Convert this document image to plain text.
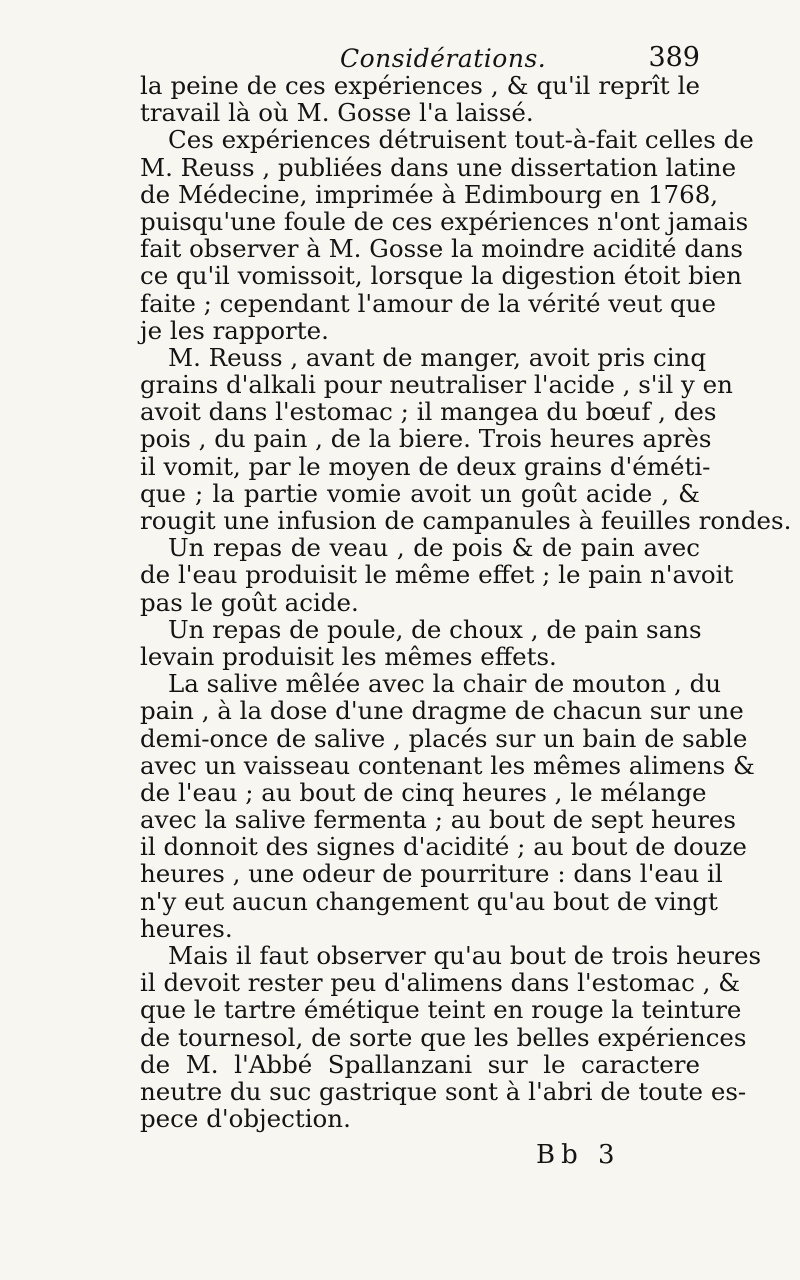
Considérations.	389
la peine de ces expériences , & qu'il reprît le
travail là où M. Gosse l'a laissé.
Ces expériences détruisent tout-à-fait celles de
M. Reuss , publiées dans une dissertation latine
de Médecine, imprimée à Edimbourg en 1768,
puisqu'une foule de ces expériences n'ont jamais
fait observer à M. Gosse la moindre acidité dans
ce qu'il vomissoit, lorsque la digestion étoit bien
faite ; cependant l'amour de la vérité veut que
je les rapporte.
M. Reuss , avant de manger, avoit pris cinq
grains d'alkali pour neutraliser l'acide , s'il y en
avoit dans l'estomac ; il mangea du bœuf , des
pois , du pain , de la biere. Trois heures après
il vomit, par le moyen de deux grains d'éméti-
que ; la partie vomie avoit un goût acide , &
rougit une infusion de campanules à feuilles rondes.
Un repas de veau , de pois & de pain avec
de l'eau produisit le même effet ; le pain n'avoit
pas le goût acide.
Un repas de poule, de choux , de pain sans
levain produisit les mêmes effets.
La salive mêlée avec la chair de mouton , du
pain , à la dose d'une dragme de chacun sur une
demi-once de salive , placés sur un bain de sable
avec un vaisseau contenant les mêmes alimens &
de l'eau ; au bout de cinq heures , le mélange
avec la salive fermenta ; au bout de sept heures
il donnoit des signes d'acidité ; au bout de douze
heures , une odeur de pourriture : dans l'eau il
n'y eut aucun changement qu'au bout de vingt
heures.
Mais il faut observer qu'au bout de trois heures
il devoit rester peu d'alimens dans l'estomac , &
que le tartre émétique teint en rouge la teinture
de tournesol, de sorte que les belles expériences
de M. l'Abbé Spallanzani sur le caractere
neutre du suc gastrique sont à l'abri de toute es-
pece d'objection.
Bb 3
